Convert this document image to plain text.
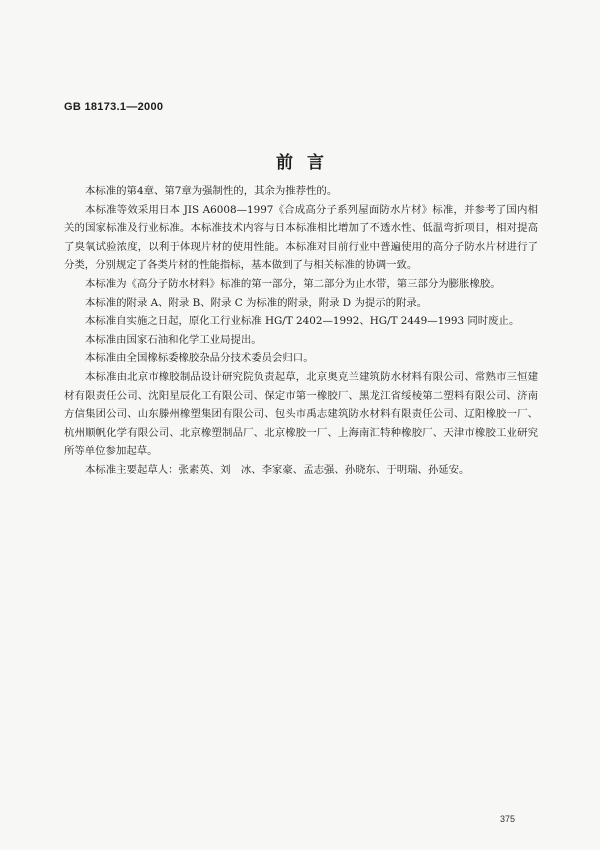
GB 18173.1—2000
前言

本标准的第4章、第7章为强制性的，其余为推荐性的。

本标准等效采用日本 JIS A6008—1997《合成高分子系列屋面防水片材》标准，并参考了国内相关的国家标准及行业标准。本标准技术内容与日本标准相比增加了不透水性、低温弯折项目，相对提高了臭氧试验浓度，以利于体现片材的使用性能。本标准对目前行业中普遍使用的高分子防水片材进行了分类，分别规定了各类片材的性能指标，基本做到了与相关标准的协调一致。

本标准为《高分子防水材料》标准的第一部分，第二部分为止水带，第三部分为膨胀橡胶。

本标准的附录 A、附录 B、附录 C 为标准的附录，附录 D 为提示的附录。

本标准自实施之日起，原化工行业标准 HG/T 2402—1992、HG/T 2449—1993 同时废止。

本标准由国家石油和化学工业局提出。

本标准由全国橡标委橡胶杂品分技术委员会归口。

本标准由北京市橡胶制品设计研究院负责起草，北京奥克兰建筑防水材料有限公司、常熟市三恒建材有限责任公司、沈阳星辰化工有限公司、保定市第一橡胶厂、黑龙江省绥棱第二塑料有限公司、济南方信集团公司、山东滕州橡塑集团有限公司、包头市禹志建筑防水材料有限责任公司、辽阳橡胶一厂、杭州顺帆化学有限公司、北京橡塑制品厂、北京橡胶一厂、上海南汇特种橡胶厂、天津市橡胶工业研究所等单位参加起草。

本标准主要起草人：张素英、刘　冰、李家豪、孟志强、孙晓东、于明瑞、孙延安。

375
